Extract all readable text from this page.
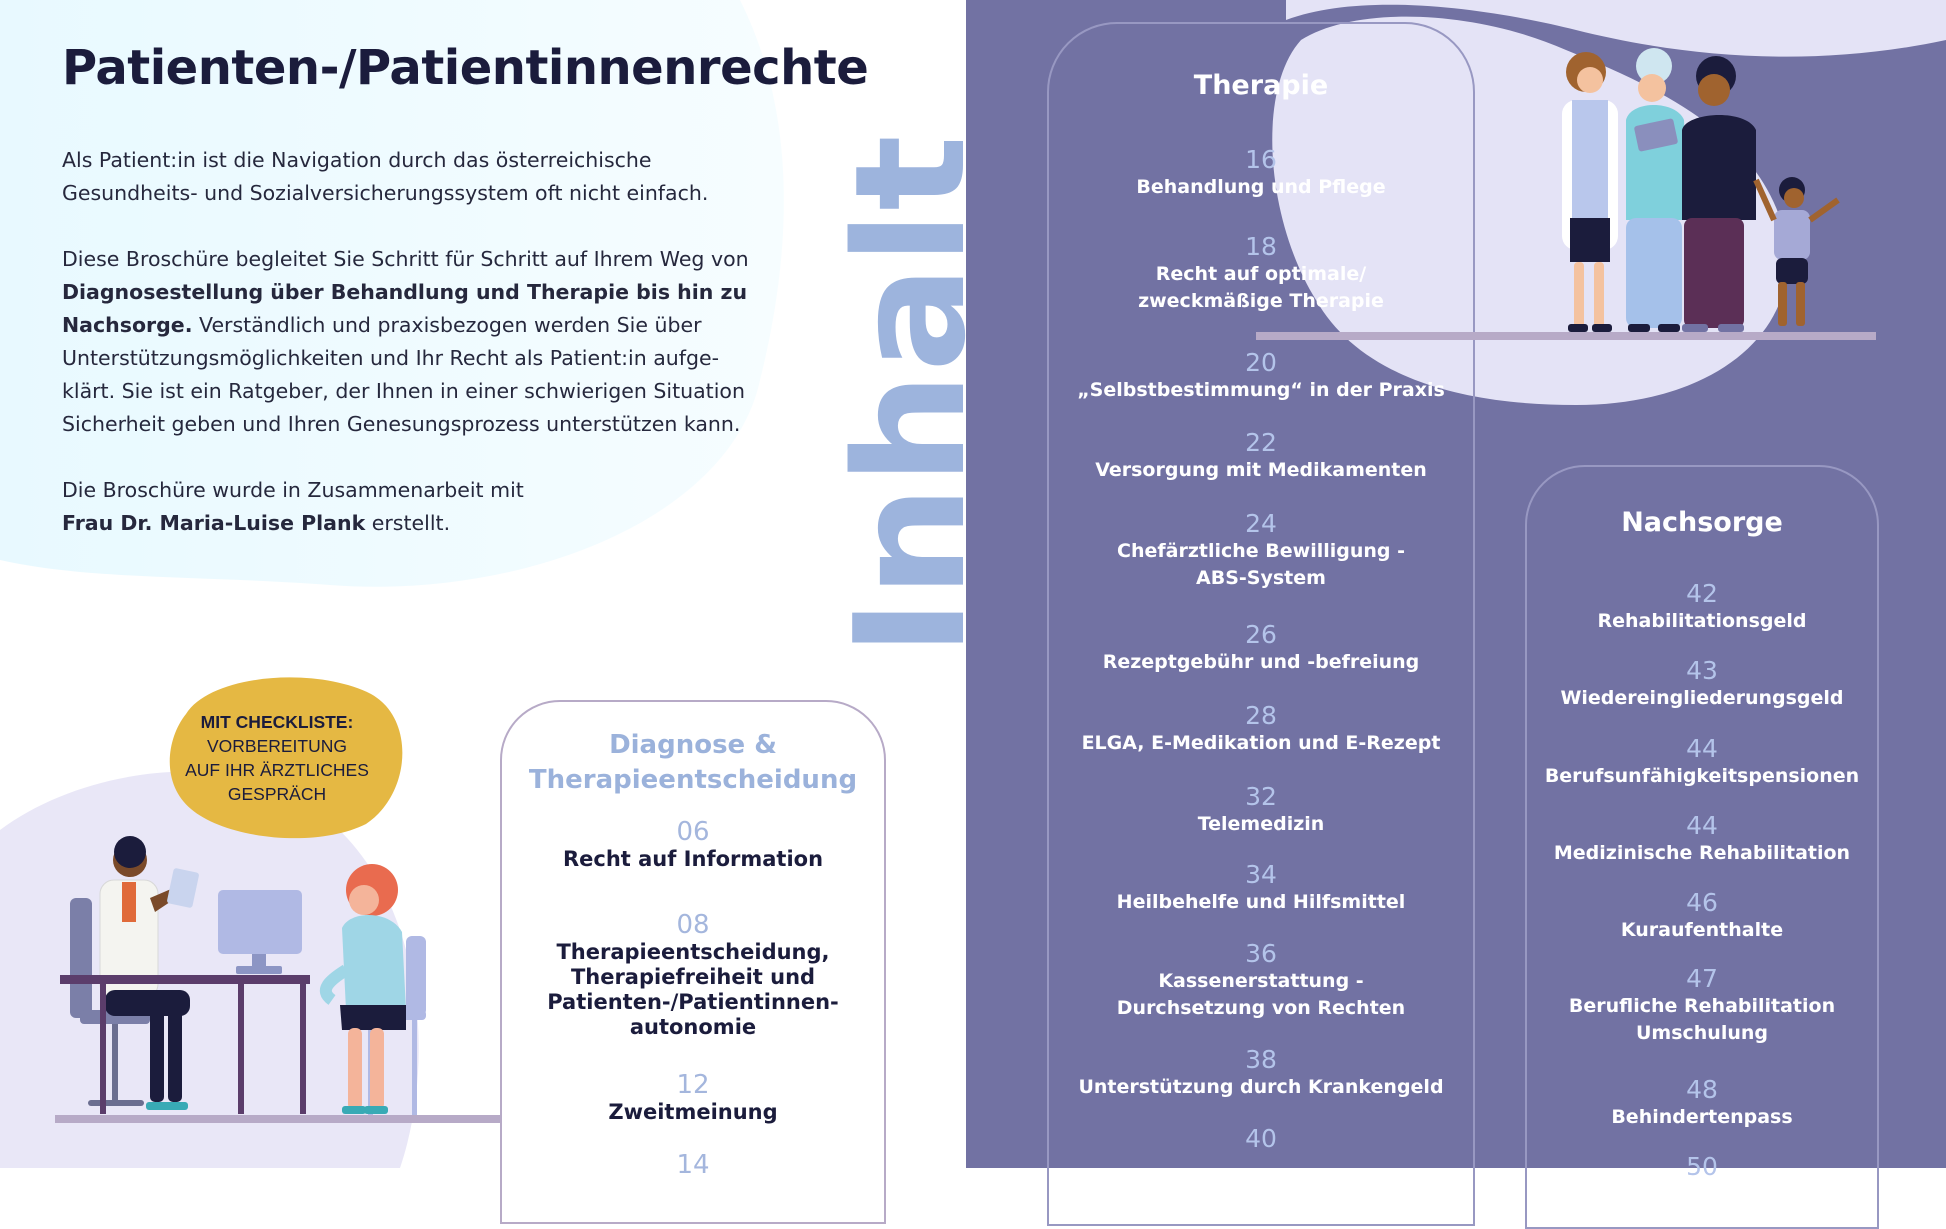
Patienten-/Patientinnenrechte

Als Patient:in ist die Navigation durch das österreichische Gesundheits- und Sozialversicherungssystem oft nicht einfach.

Diese Broschüre begleitet Sie Schritt für Schritt auf Ihrem Weg von Diagnosestellung über Behandlung und Therapie bis hin zu Nachsorge. Verständlich und praxisbezogen werden Sie über Unterstützungsmöglichkeiten und Ihr Recht als Patient:in aufge-klärt. Sie ist ein Ratgeber, der Ihnen in einer schwierigen Situation Sicherheit geben und Ihren Genesungsprozess unterstützen kann.

Die Broschüre wurde in Zusammenarbeit mit
Frau Dr. Maria-Luise Plank erstellt.	Inhalt
MIT CHECKLISTE:
VORBEREITUNG
AUF IHR ÄRZTLICHES
GESPRÄCH
Diagnose &
Therapieentscheidung
06
Recht auf Information
08
Therapieentscheidung, Therapiefreiheit und Patienten-/Patientinnen-autonomie
12
Zweitmeinung
14
Therapie
16
Behandlung und Pflege
18
Recht auf optimale/ zweckmäßige Therapie
20
„Selbstbestimmung“ in der Praxis
22
Versorgung mit Medikamenten
24
Chefärztliche Bewilligung - ABS-System
26
Rezeptgebühr und -befreiung
28
ELGA, E-Medikation und E-Rezept
32
Telemedizin
34
Heilbehelfe und Hilfsmittel
36
Kassenerstattung - Durchsetzung von Rechten
38
Unterstützung durch Krankengeld
40
Nachsorge
42
Rehabilitationsgeld
43
Wiedereingliederungsgeld
44
Berufsunfähigkeitspensionen
44
Medizinische Rehabilitation
46
Kuraufenthalte
47
Berufliche Rehabilitation Umschulung
48
Behindertenpass
50
